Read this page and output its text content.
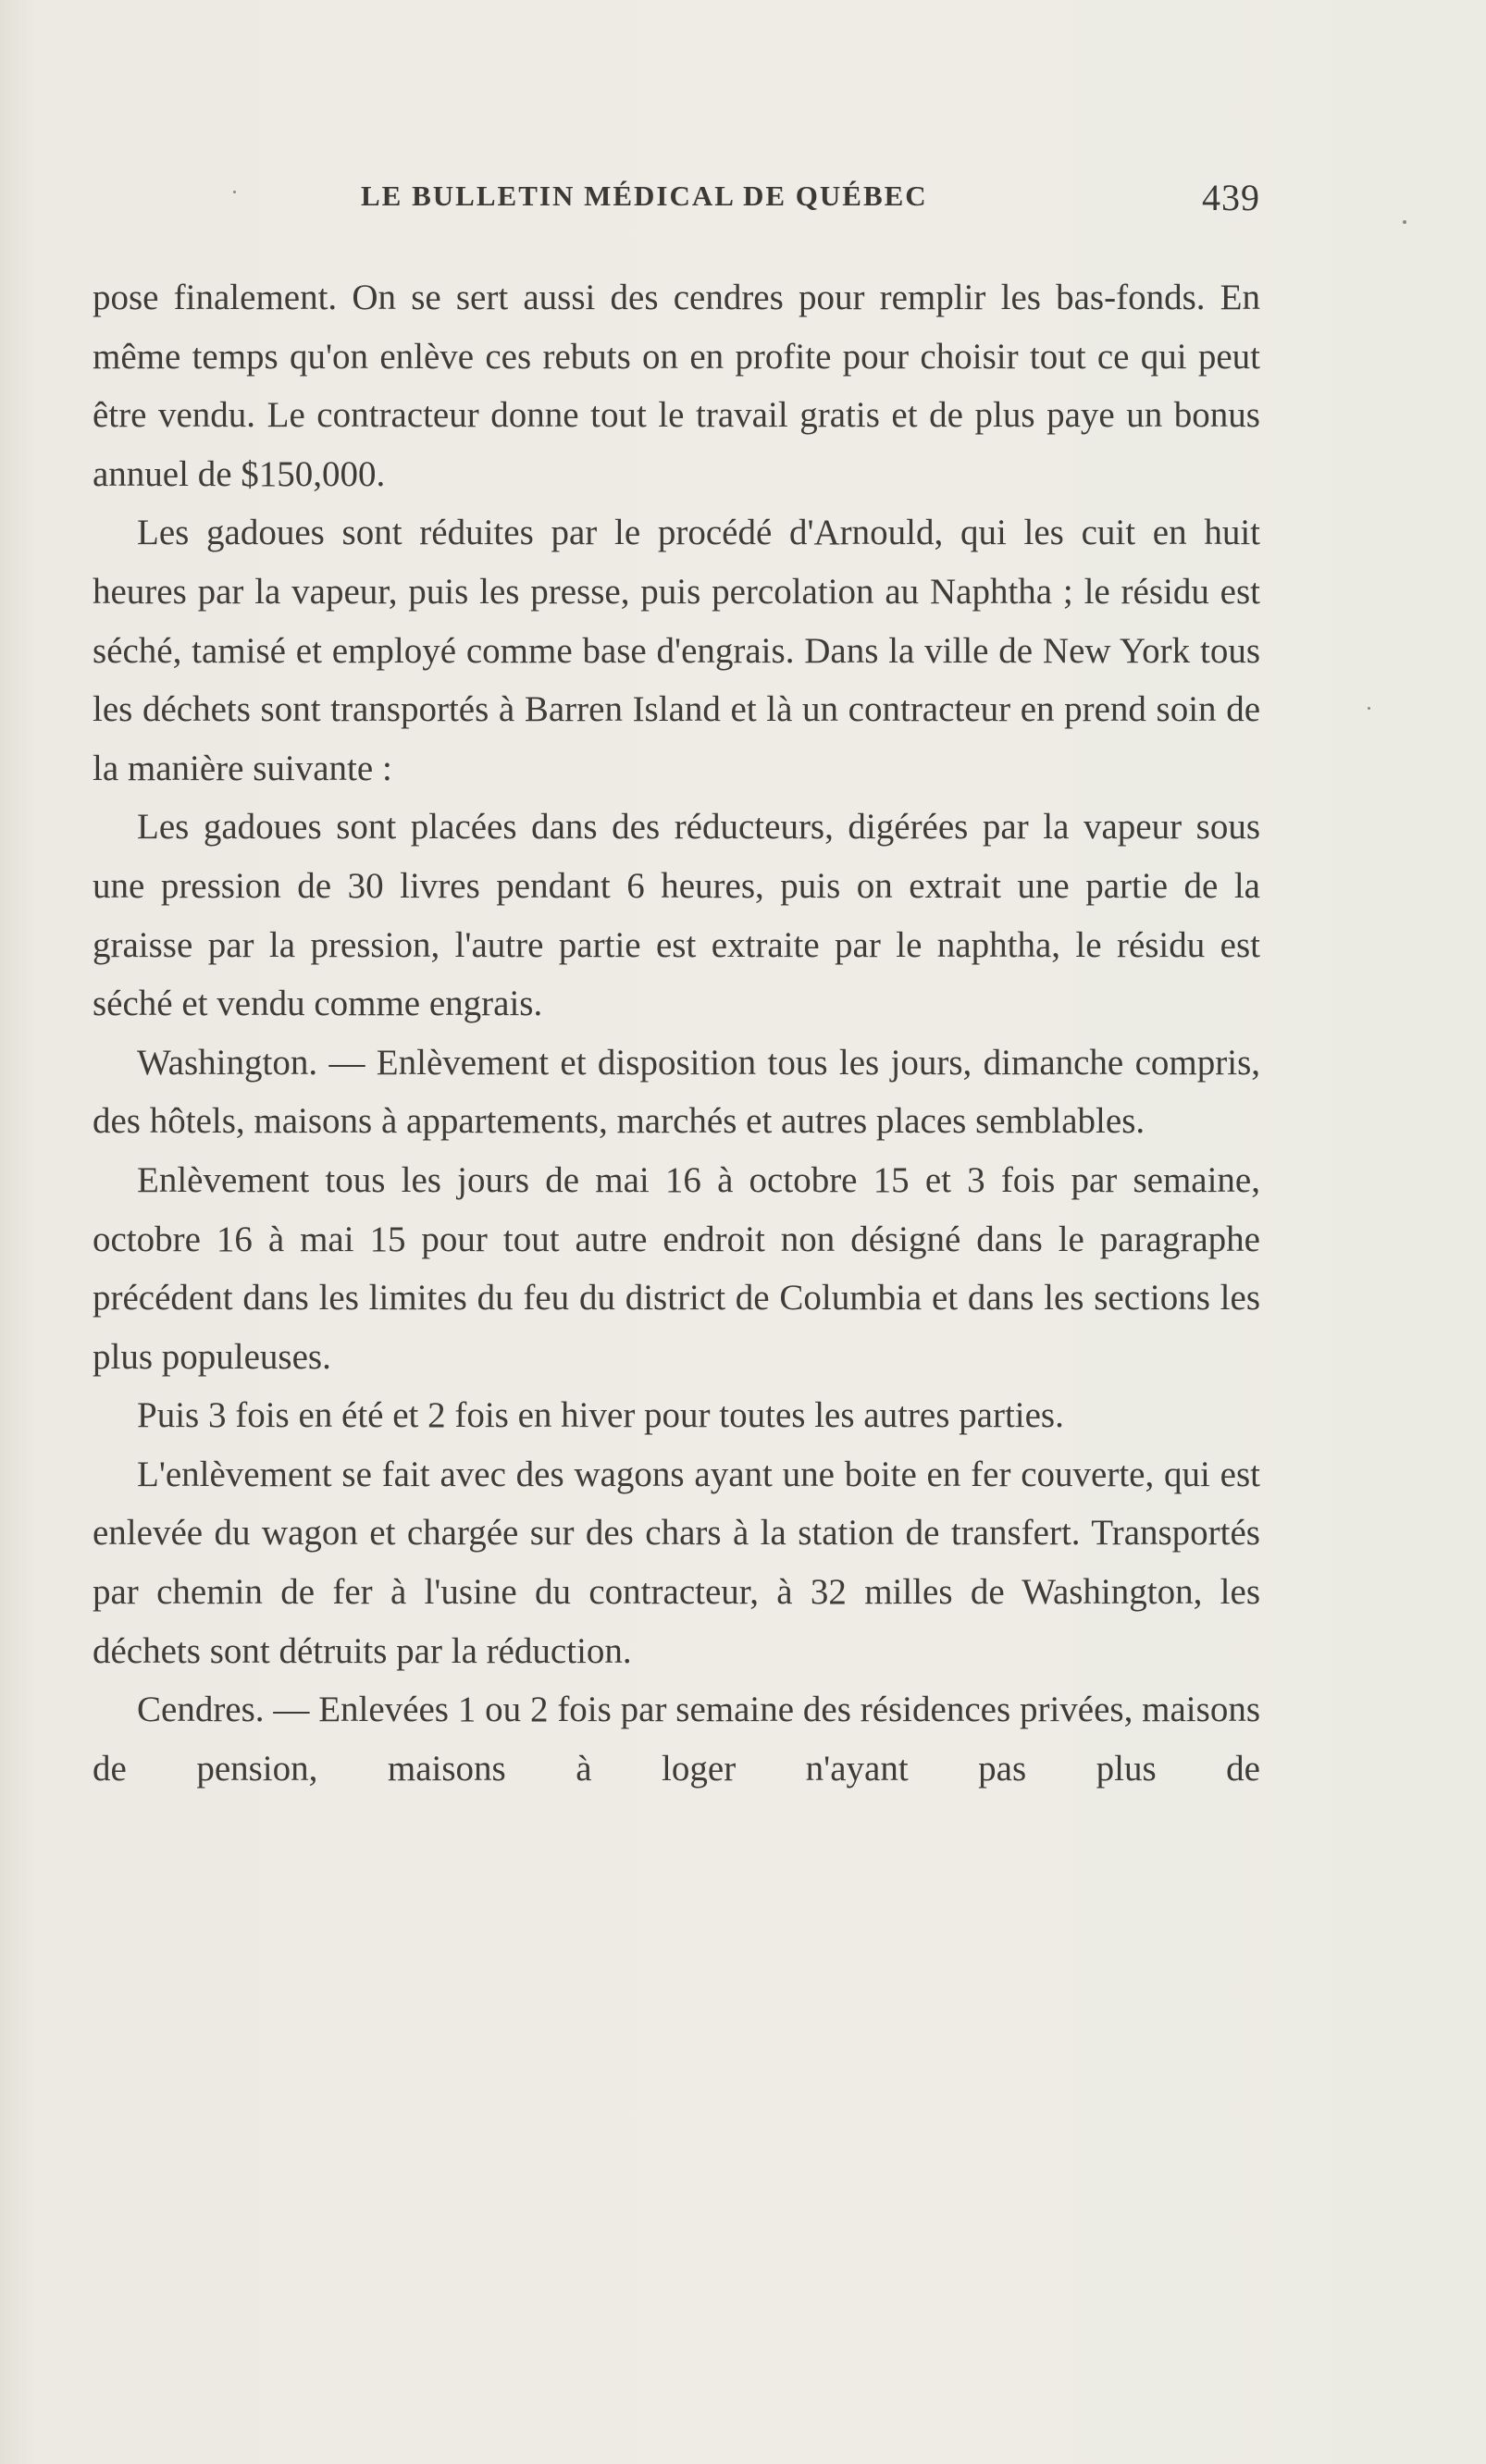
LE BULLETIN MÉDICAL DE QUÉBEC	439

pose finalement. On se sert aussi des cendres pour remplir les bas-fonds. En même temps qu'on enlève ces rebuts on en profite pour choisir tout ce qui peut être vendu. Le contracteur donne tout le travail gratis et de plus paye un bonus annuel de $150,000.

Les gadoues sont réduites par le procédé d'Arnould, qui les cuit en huit heures par la vapeur, puis les presse, puis percolation au Naphtha ; le résidu est séché, tamisé et employé comme base d'engrais. Dans la ville de New York tous les déchets sont transportés à Barren Island et là un contracteur en prend soin de la manière suivante :

Les gadoues sont placées dans des réducteurs, digérées par la vapeur sous une pression de 30 livres pendant 6 heures, puis on extrait une partie de la graisse par la pression, l'autre partie est extraite par le naphtha, le résidu est séché et vendu comme engrais.

Washington. — Enlèvement et disposition tous les jours, dimanche compris, des hôtels, maisons à appartements, marchés et autres places semblables.

Enlèvement tous les jours de mai 16 à octobre 15 et 3 fois par semaine, octobre 16 à mai 15 pour tout autre endroit non désigné dans le paragraphe précédent dans les limites du feu du district de Columbia et dans les sections les plus populeuses.

Puis 3 fois en été et 2 fois en hiver pour toutes les autres parties.

L'enlèvement se fait avec des wagons ayant une boite en fer couverte, qui est enlevée du wagon et chargée sur des chars à la station de transfert. Transportés par chemin de fer à l'usine du contracteur, à 32 milles de Washington, les déchets sont détruits par la réduction.

Cendres. — Enlevées 1 ou 2 fois par semaine des résidences privées, maisons de pension, maisons à loger n'ayant pas plus de
